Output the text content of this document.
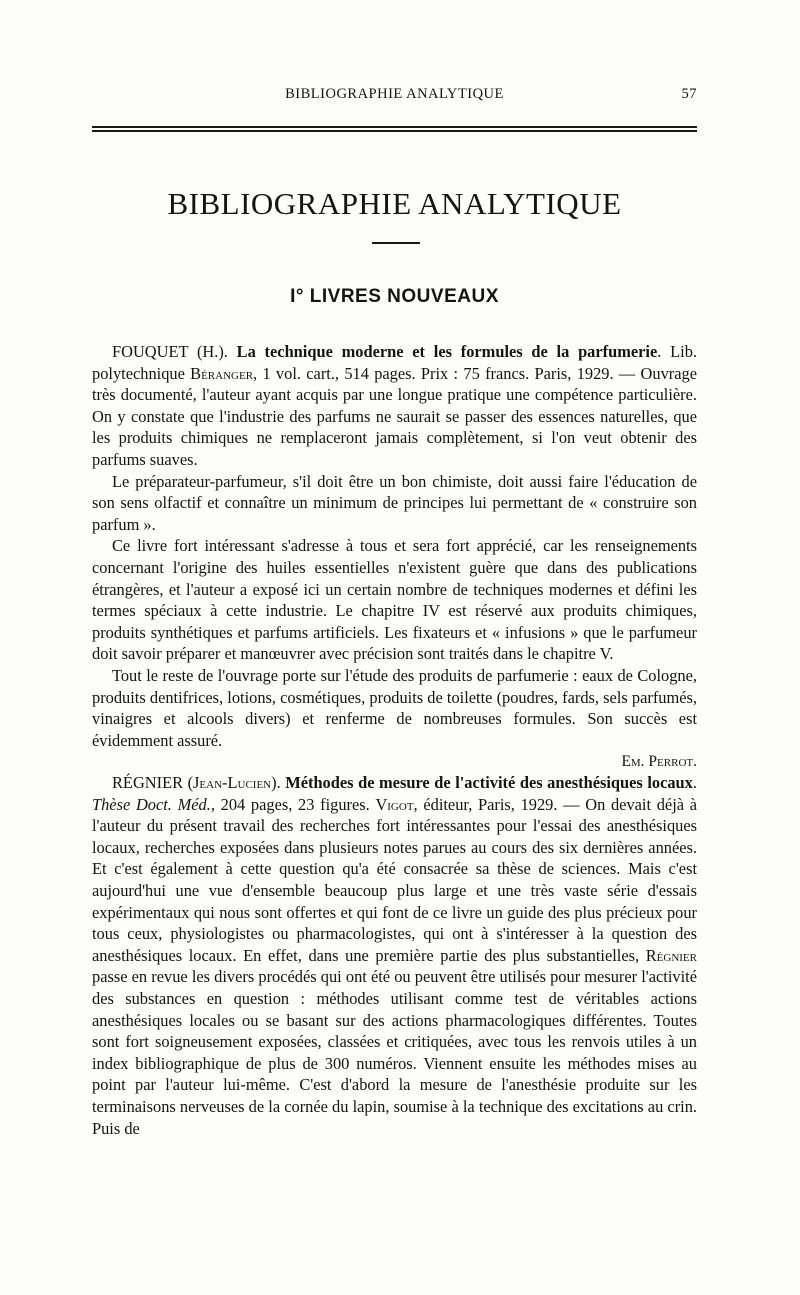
BIBLIOGRAPHIE ANALYTIQUE	57
BIBLIOGRAPHIE ANALYTIQUE
I° LIVRES NOUVEAUX

FOUQUET (H.). La technique moderne et les formules de la parfumerie. Lib. polytechnique Béranger, 1 vol. cart., 514 pages. Prix : 75 francs. Paris, 1929. — Ouvrage très documenté, l'auteur ayant acquis par une longue pratique une compétence particulière. On y constate que l'industrie des parfums ne saurait se passer des essences naturelles, que les produits chimiques ne remplaceront jamais complètement, si l'on veut obtenir des parfums suaves.

Le préparateur-parfumeur, s'il doit être un bon chimiste, doit aussi faire l'éducation de son sens olfactif et connaître un minimum de principes lui permettant de « construire son parfum ».

Ce livre fort intéressant s'adresse à tous et sera fort apprécié, car les renseignements concernant l'origine des huiles essentielles n'existent guère que dans des publications étrangères, et l'auteur a exposé ici un certain nombre de techniques modernes et défini les termes spéciaux à cette industrie. Le chapitre IV est réservé aux produits chimiques, produits synthétiques et parfums artificiels. Les fixateurs et « infusions » que le parfumeur doit savoir préparer et manœuvrer avec précision sont traités dans le chapitre V.

Tout le reste de l'ouvrage porte sur l'étude des produits de parfumerie : eaux de Cologne, produits dentifrices, lotions, cosmétiques, produits de toilette (poudres, fards, sels parfumés, vinaigres et alcools divers) et renferme de nombreuses formules. Son succès est évidemment assuré.

Em. Perrot.

RÉGNIER (Jean-Lucien). Méthodes de mesure de l'activité des anesthésiques locaux. Thèse Doct. Méd., 204 pages, 23 figures. Vigot, éditeur, Paris, 1929. — On devait déjà à l'auteur du présent travail des recherches fort intéressantes pour l'essai des anesthésiques locaux, recherches exposées dans plusieurs notes parues au cours des six dernières années. Et c'est également à cette question qu'a été consacrée sa thèse de sciences. Mais c'est aujourd'hui une vue d'ensemble beaucoup plus large et une très vaste série d'essais expérimentaux qui nous sont offertes et qui font de ce livre un guide des plus précieux pour tous ceux, physiologistes ou pharmacologistes, qui ont à s'intéresser à la question des anesthésiques locaux. En effet, dans une première partie des plus substantielles, Régnier passe en revue les divers procédés qui ont été ou peuvent être utilisés pour mesurer l'activité des substances en question : méthodes utilisant comme test de véritables actions anesthésiques locales ou se basant sur des actions pharmacologiques différentes. Toutes sont fort soigneusement exposées, classées et critiquées, avec tous les renvois utiles à un index bibliographique de plus de 300 numéros. Viennent ensuite les méthodes mises au point par l'auteur lui-même. C'est d'abord la mesure de l'anesthésie produite sur les terminaisons nerveuses de la cornée du lapin, soumise à la technique des excitations au crin. Puis de
